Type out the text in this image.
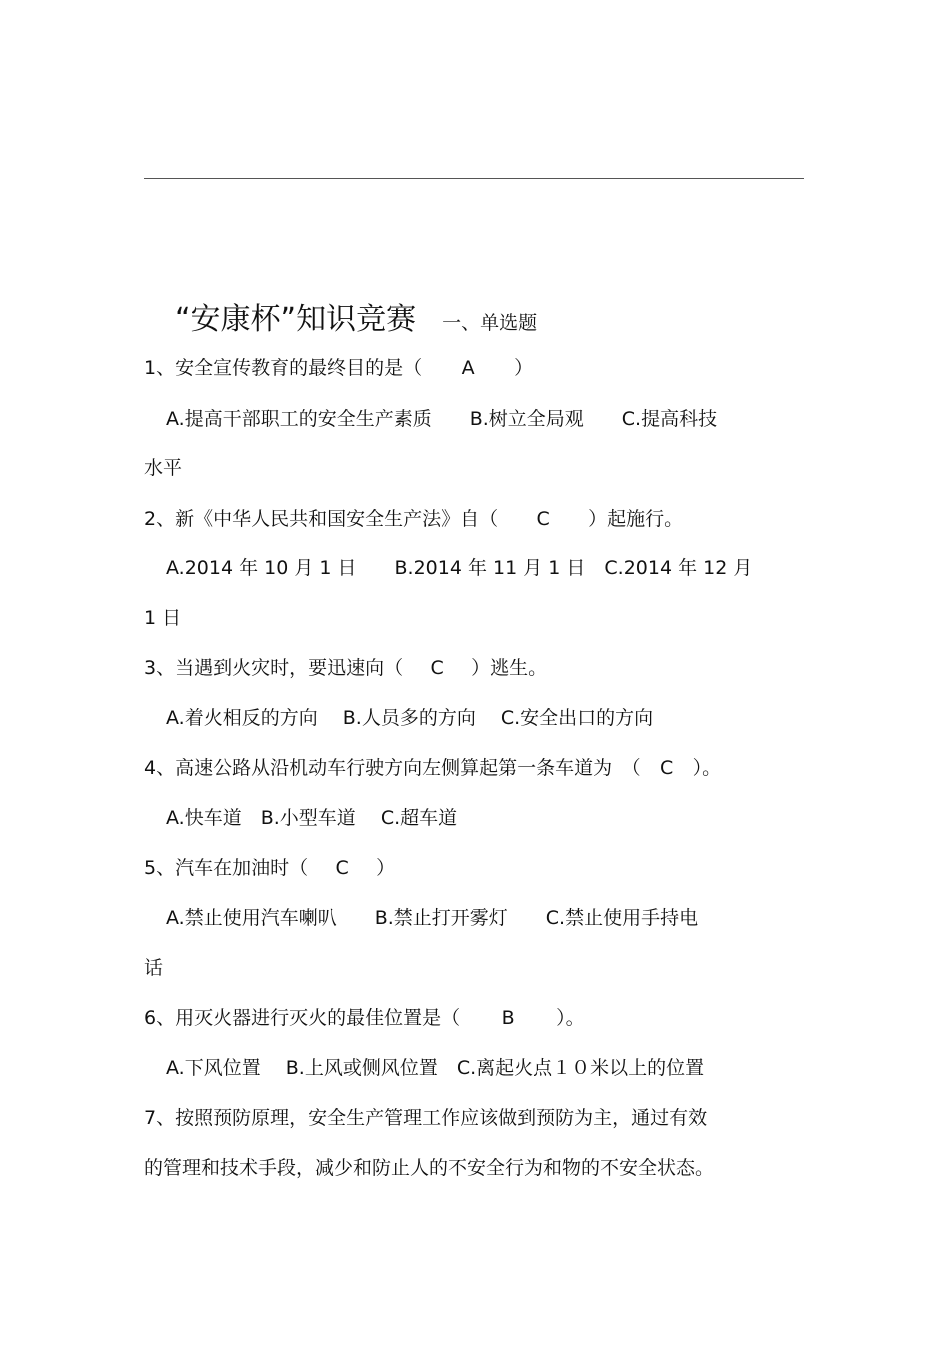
“安康杯”知识竞赛 一、单选题
1、安全宣传教育的最终目的是（ A ）
A.提高干部职工的安全生产素质　　B.树立全局观　　C.提高科技
水平
2、新《中华人民共和国安全生产法》自（ C ）起施行。
A.2014 年 10 月 1 日　　B.2014 年 11 月 1 日　C.2014 年 12 月
1 日
3、当遇到火灾时，要迅速向（ C ）逃生。
A.着火相反的方向　 B.人员多的方向　 C.安全出口的方向
4、高速公路从沿机动车行驶方向左侧算起第一条车道为　（ C ）。
A.快车道　B.小型车道　 C.超车道
5、汽车在加油时（ C ）
A.禁止使用汽车喇叭　　B.禁止打开雾灯　　C.禁止使用手持电
话
6、用灭火器进行灭火的最佳位置是（ B ）。
A.下风位置　 B.上风或侧风位置　C.离起火点１０米以上的位置
7、按照预防原理，安全生产管理工作应该做到预防为主，通过有效
的管理和技术手段，减少和防止人的不安全行为和物的不安全状态。
